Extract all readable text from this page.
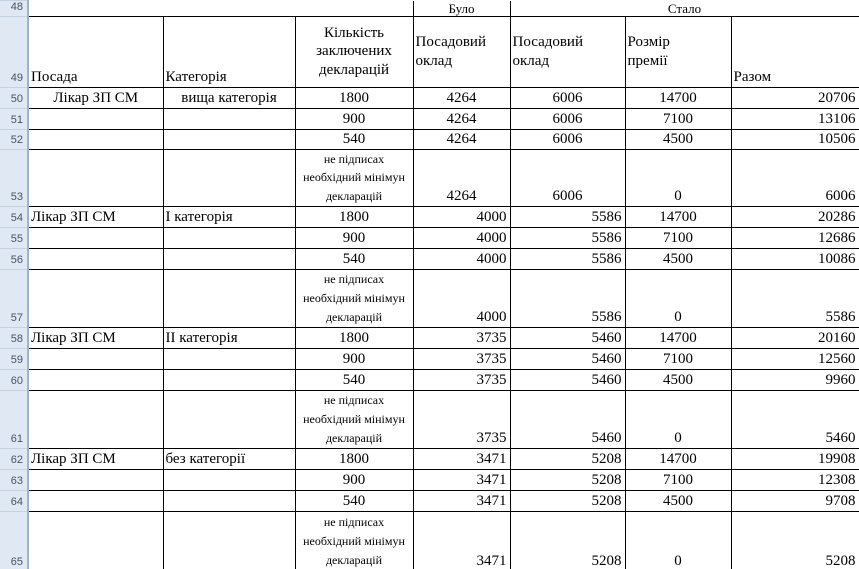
48				Було	Стало		
49	Посада	Категорія	Кількість заключених декларацій	Посадовий оклад	Посадовий оклад	Розмір премії	Разом
50	Лікар ЗП СМ	вища категорія	1800	4264	6006	14700	20706
51			900	4264	6006	7100	13106
52			540	4264	6006	4500	10506
53			не підписах необхідний мінімун декларацій	4264	6006	0	6006
54	Лікар ЗП СМ	І категорія	1800	4000	5586	14700	20286
55			900	4000	5586	7100	12686
56			540	4000	5586	4500	10086
57			не підписах необхідний мінімун декларацій	4000	5586	0	5586
58	Лікар ЗП СМ	ІІ категорія	1800	3735	5460	14700	20160
59			900	3735	5460	7100	12560
60			540	3735	5460	4500	9960
61			не підписах необхідний мінімун декларацій	3735	5460	0	5460
62	Лікар ЗП СМ	без категорії	1800	3471	5208	14700	19908
63			900	3471	5208	7100	12308
64			540	3471	5208	4500	9708
65			не підписах необхідний мінімун декларацій	3471	5208	0	5208
